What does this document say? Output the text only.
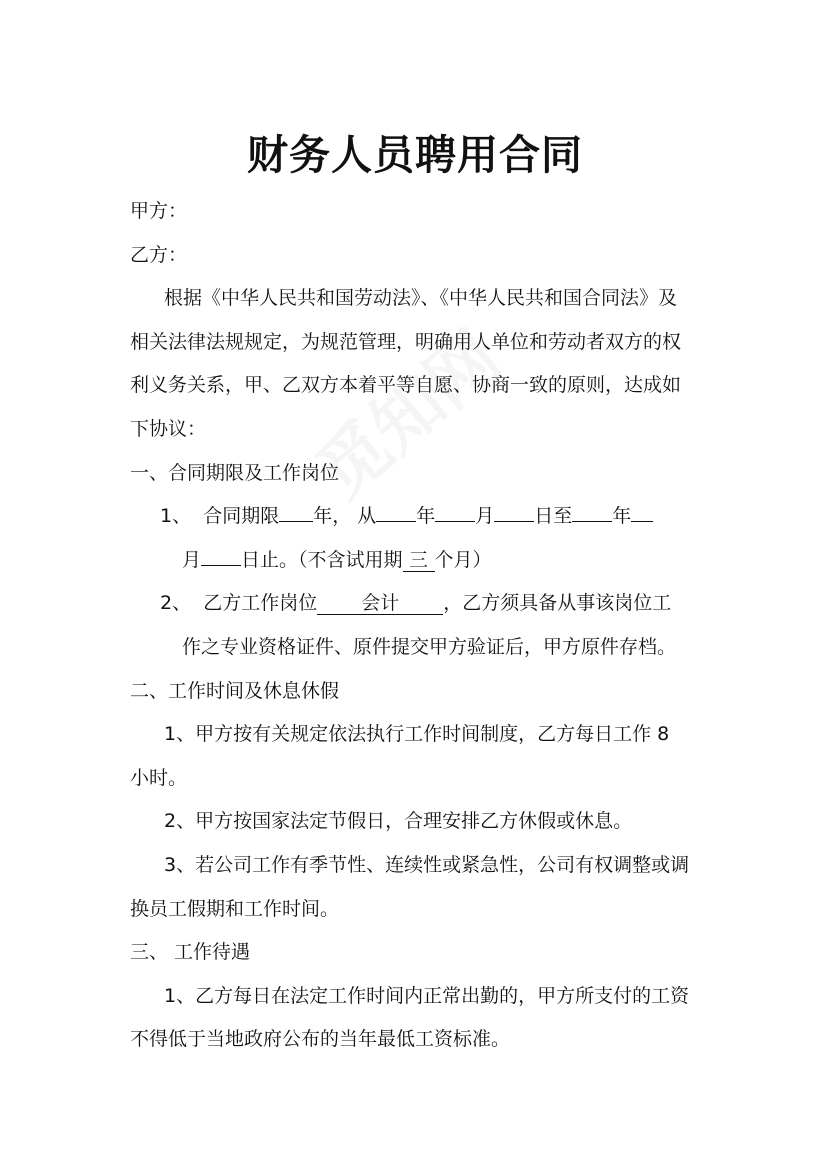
财务人员聘用合同
甲方：
乙方：
根据《中华人民共和国劳动法》、《中华人民共和国合同法》及
相关法律法规规定，为规范管理，明确用人单位和劳动者双方的权
利义务关系，甲、乙双方本着平等自愿、协商一致的原则，达成如
下协议：
一、合同期限及工作岗位
1、 合同期限 年， 从 年 月 日至 年
月 日止。（不含试用期 三 个月）
2、 乙方工作岗位 会计 ，乙方须具备从事该岗位工
作之专业资格证件、原件提交甲方验证后，甲方原件存档。
二、工作时间及休息休假
1、甲方按有关规定依法执行工作时间制度，乙方每日工作 8
小时。
2、甲方按国家法定节假日，合理安排乙方休假或休息。
3、若公司工作有季节性、连续性或紧急性，公司有权调整或调
换员工假期和工作时间。
三、 工作待遇
1、乙方每日在法定工作时间内正常出勤的，甲方所支付的工资
不得低于当地政府公布的当年最低工资标准。
